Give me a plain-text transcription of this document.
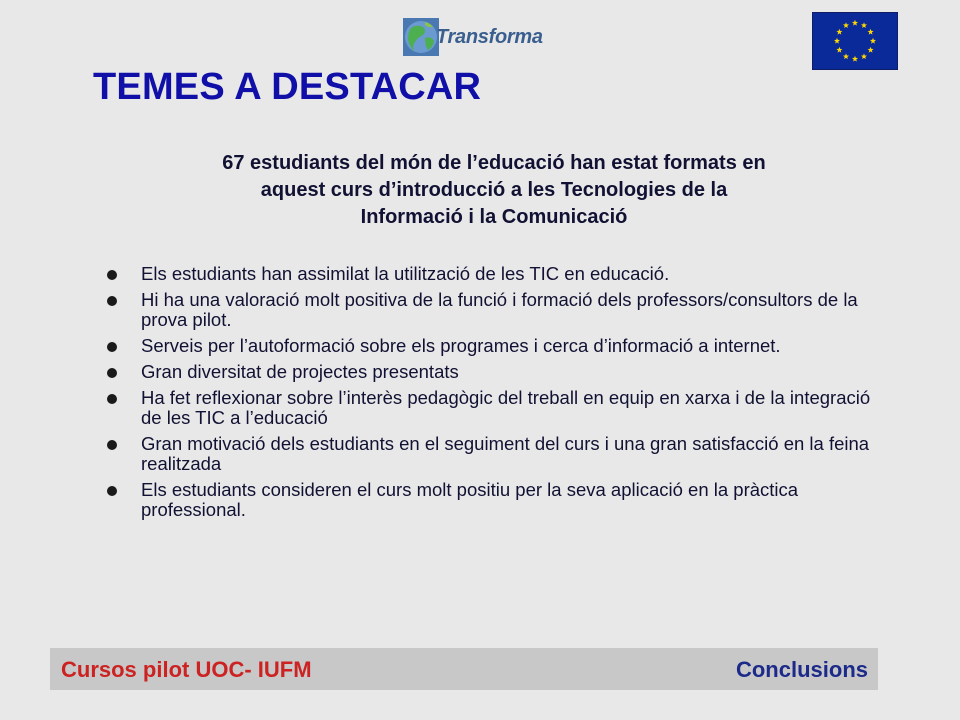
Transforma
TEMES A DESTACAR
67 estudiants del món de l’educació han estat formats en
aquest curs d’introducció a les Tecnologies de la
Informació i la Comunicació
Els estudiants han assimilat la utilització de les TIC en educació.
Hi ha una valoració molt positiva de la funció i formació dels professors/consultors de la prova pilot.
Serveis per l’autoformació sobre els programes i cerca d’informació a internet.
Gran diversitat de projectes presentats
Ha fet reflexionar sobre l’interès pedagògic del treball en equip en xarxa i de la integració de les TIC a l’educació
Gran motivació dels estudiants en el seguiment del curs i una gran satisfacció en la feina realitzada
Els estudiants consideren el curs molt positiu per la seva aplicació en la pràctica professional.
Cursos pilot UOC- IUFM	Conclusions
